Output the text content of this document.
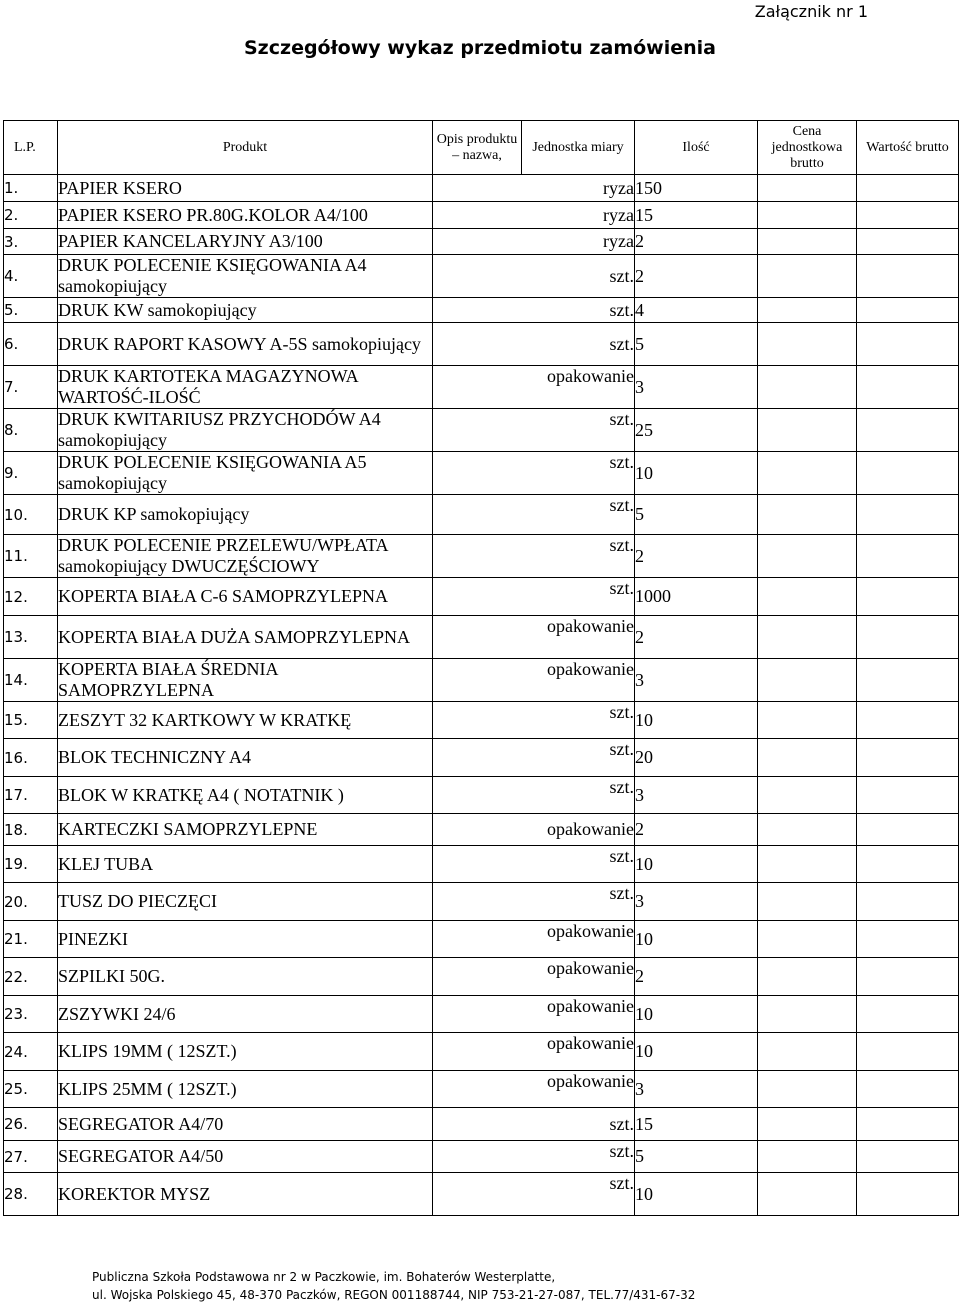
Załącznik nr 1
Szczegółowy wykaz przedmiotu zamówienia
L.P.	Produkt	Opis produktu – nazwa,	Jednostka miary	Ilość	Cena jednostkowa brutto	Wartość brutto
1.	PAPIER KSERO		ryza	150		
2.	PAPIER KSERO PR.80G.KOLOR A4/100		ryza	15		
3.	PAPIER KANCELARYJNY A3/100		ryza	2		
4.	DRUK POLECENIE KSIĘGOWANIA A4 samokopiujący		szt.	2		
5.	DRUK KW samokopiujący		szt.	4		
6.	DRUK RAPORT KASOWY A-5S samokopiujący		szt.	5		
7.	DRUK KARTOTEKA MAGAZYNOWA WARTOŚĆ-ILOŚĆ		opakowanie	3		
8.	DRUK KWITARIUSZ PRZYCHODÓW A4 samokopiujący		szt.	25		
9.	DRUK POLECENIE KSIĘGOWANIA A5 samokopiujący		szt.	10		
10.	DRUK KP samokopiujący		szt.	5		
11.	DRUK POLECENIE PRZELEWU/WPŁATA samokopiujący DWUCZĘŚCIOWY		szt.	2		
12.	KOPERTA BIAŁA C-6 SAMOPRZYLEPNA		szt.	1000		
13.	KOPERTA BIAŁA DUŻA SAMOPRZYLEPNA		opakowanie	2		
14.	KOPERTA BIAŁA ŚREDNIA SAMOPRZYLEPNA		opakowanie	3		
15.	ZESZYT 32 KARTKOWY W KRATKĘ		szt.	10		
16.	BLOK TECHNICZNY A4		szt.	20		
17.	BLOK W KRATKĘ A4 ( NOTATNIK )		szt.	3		
18.	KARTECZKI SAMOPRZYLEPNE		opakowanie	2		
19.	KLEJ TUBA		szt.	10		
20.	TUSZ DO PIECZĘCI		szt.	3		
21.	PINEZKI		opakowanie	10		
22.	SZPILKI 50G.		opakowanie	2		
23.	ZSZYWKI 24/6		opakowanie	10		
24.	KLIPS 19MM ( 12SZT.)		opakowanie	10		
25.	KLIPS 25MM ( 12SZT.)		opakowanie	3		
26.	SEGREGATOR A4/70		szt.	15		
27.	SEGREGATOR A4/50		szt.	5		
28.	KOREKTOR MYSZ		szt.	10		
Publiczna Szkoła Podstawowa nr 2 w Paczkowie, im. Bohaterów Westerplatte,
ul. Wojska Polskiego 45, 48-370 Paczków, REGON 001188744, NIP 753-21-27-087, TEL.77/431-67-32
